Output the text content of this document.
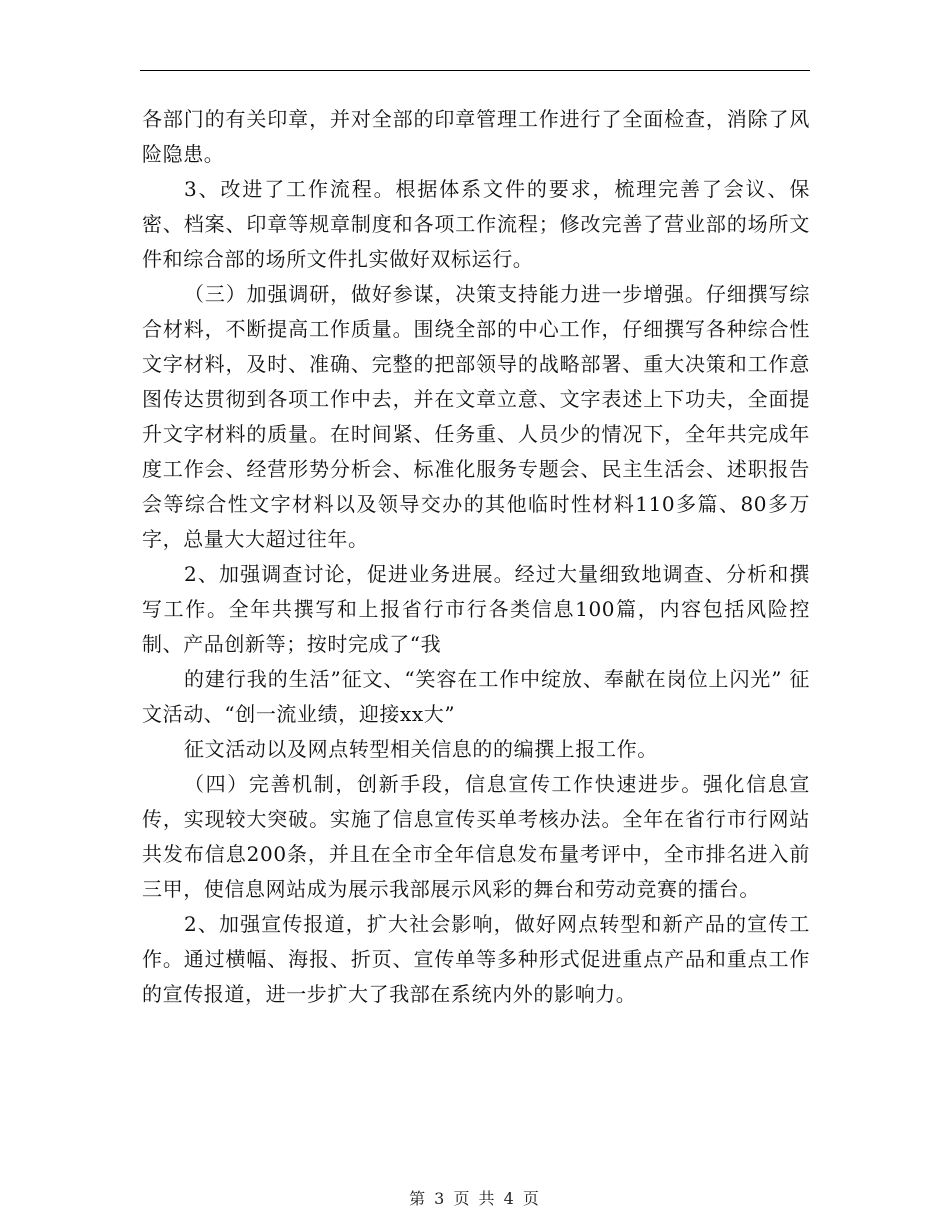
各部门的有关印章，并对全部的印章管理工作进行了全面检查，消除了风险隐患。

3、改进了工作流程。根据体系文件的要求，梳理完善了会议、保密、档案、印章等规章制度和各项工作流程；修改完善了营业部的场所文件和综合部的场所文件扎实做好双标运行。

（三）加强调研，做好参谋，决策支持能力进一步增强。仔细撰写综合材料，不断提高工作质量。围绕全部的中心工作，仔细撰写各种综合性文字材料，及时、准确、完整的把部领导的战略部署、重大决策和工作意图传达贯彻到各项工作中去，并在文章立意、文字表述上下功夫，全面提升文字材料的质量。在时间紧、任务重、人员少的情况下，全年共完成年度工作会、经营形势分析会、标准化服务专题会、民主生活会、述职报告会等综合性文字材料以及领导交办的其他临时性材料110多篇、80多万字，总量大大超过往年。

2、加强调查讨论，促进业务进展。经过大量细致地调查、分析和撰写工作。全年共撰写和上报省行市行各类信息100篇，内容包括风险控制、产品创新等；按时完成了“我

的建行我的生活”征文、“笑容在工作中绽放、奉献在岗位上闪光” 征文活动、“创一流业绩，迎接xx大”

征文活动以及网点转型相关信息的的编撰上报工作。

（四）完善机制，创新手段，信息宣传工作快速进步。强化信息宣传，实现较大突破。实施了信息宣传买单考核办法。全年在省行市行网站共发布信息200条，并且在全市全年信息发布量考评中，全市排名进入前三甲，使信息网站成为展示我部展示风彩的舞台和劳动竞赛的擂台。

2、加强宣传报道，扩大社会影响，做好网点转型和新产品的宣传工作。通过横幅、海报、折页、宣传单等多种形式促进重点产品和重点工作的宣传报道，进一步扩大了我部在系统内外的影响力。

第 3 页 共 4 页
